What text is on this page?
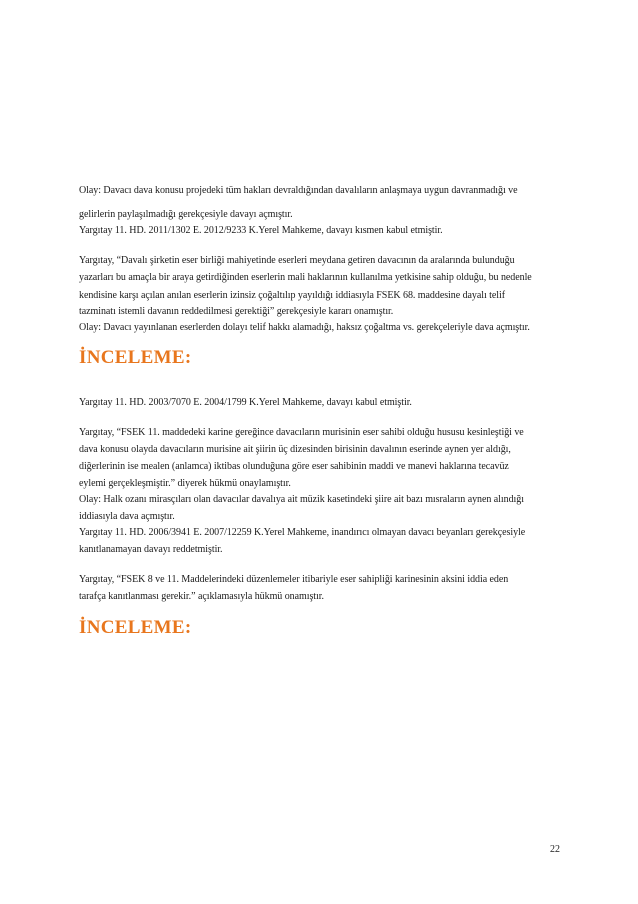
Olay: Davacı dava konusu projedeki tüm hakları devraldığından davalıların anlaşmaya uygun davranmadığı ve
gelirlerin paylaşılmadığı gerekçesiyle davayı açmıştır.
Yargıtay 11. HD. 2011/1302 E. 2012/9233 K.Yerel Mahkeme, davayı kısmen kabul etmiştir.
Yargıtay, “Davalı şirketin eser birliği mahiyetinde eserleri meydana getiren davacının da aralarında bulunduğu
yazarları bu amaçla bir araya getirdiğinden eserlerin mali haklarının kullanılma yetkisine sahip olduğu, bu nedenle
kendisine karşı açılan anılan eserlerin izinsiz çoğaltılıp yayıldığı iddiasıyla FSEK 68. maddesine dayalı telif
tazminatı istemli davanın reddedilmesi gerektiği” gerekçesiyle kararı onamıştır.
Olay: Davacı yayınlanan eserlerden dolayı telif hakkı alamadığı, haksız çoğaltma vs. gerekçeleriyle dava açmıştır.
İNCELEME:
Yargıtay 11. HD. 2003/7070 E. 2004/1799 K.Yerel Mahkeme, davayı kabul etmiştir.
Yargıtay, “FSEK 11. maddedeki karine gereğince davacıların murisinin eser sahibi olduğu hususu kesinleştiği ve
dava konusu olayda davacıların murisine ait şiirin üç dizesinden birisinin davalının eserinde aynen yer aldığı,
diğerlerinin ise mealen (anlamca) iktibas olunduğuna göre eser sahibinin maddi ve manevi haklarına tecavüz
eylemi gerçekleşmiştir.” diyerek hükmü onaylamıştır.
Olay: Halk ozanı mirasçıları olan davacılar davalıya ait müzik kasetindeki şiire ait bazı mısraların aynen alındığı
iddiasıyla dava açmıştır.
Yargıtay 11. HD. 2006/3941 E. 2007/12259 K.Yerel Mahkeme, inandırıcı olmayan davacı beyanları gerekçesiyle
kanıtlanamayan davayı reddetmiştir.
Yargıtay, “FSEK 8 ve 11. Maddelerindeki düzenlemeler itibariyle eser sahipliği karinesinin aksini iddia eden
tarafça kanıtlanması gerekir.” açıklamasıyla hükmü onamıştır.
İNCELEME:
22
